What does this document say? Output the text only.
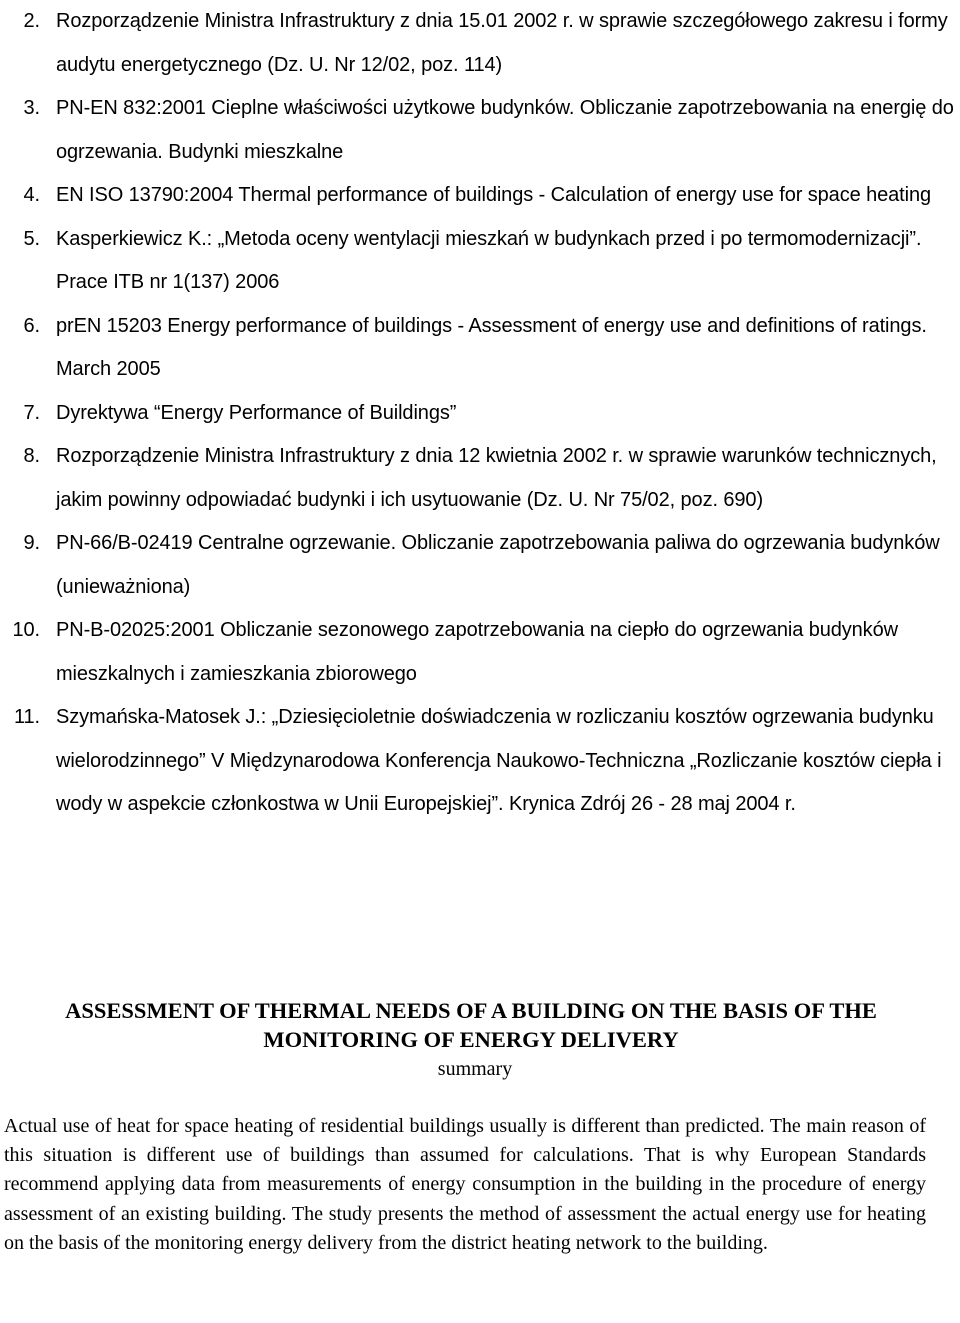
2. Rozporządzenie Ministra Infrastruktury z dnia 15.01 2002 r. w sprawie szczegółowego zakresu i formy audytu energetycznego (Dz. U. Nr 12/02, poz. 114)
3. PN-EN 832:2001 Cieplne właściwości użytkowe budynków. Obliczanie zapotrzebowania na energię do ogrzewania. Budynki mieszkalne
4. EN ISO 13790:2004 Thermal performance of buildings - Calculation of energy use for space heating
5. Kasperkiewicz K.: „Metoda oceny wentylacji mieszkań w budynkach przed i po termomodernizacji”. Prace ITB nr 1(137) 2006
6. prEN 15203 Energy performance of buildings - Assessment of energy use and definitions of ratings. March 2005
7. Dyrektywa “Energy Performance of Buildings”
8. Rozporządzenie Ministra Infrastruktury z dnia 12 kwietnia 2002 r. w sprawie warunków technicznych, jakim powinny odpowiadać budynki i ich usytuowanie (Dz. U. Nr 75/02, poz. 690)
9. PN-66/B-02419 Centralne ogrzewanie. Obliczanie zapotrzebowania paliwa do ogrzewania budynków (unieważniona)
10. PN-B-02025:2001 Obliczanie sezonowego zapotrzebowania na ciepło do ogrzewania budynków mieszkalnych i zamieszkania zbiorowego
11. Szymańska-Matosek J.: „Dziesięcioletnie doświadczenia w rozliczaniu kosztów ogrzewania budynku wielorodzinnego” V Międzynarodowa Konferencja Naukowo-Techniczna „Rozliczanie kosztów ciepła i wody w aspekcie członkostwa w Unii Europejskiej”. Krynica Zdrój 26 - 28 maj 2004 r.
ASSESSMENT OF THERMAL NEEDS OF A BUILDING ON THE BASIS OF THE
MONITORING OF ENERGY DELIVERY

summary

Actual use of heat for space heating of residential buildings usually is different than predicted. The main reason of this situation is different use of buildings than assumed for calculations. That is why European Standards recommend applying data from measurements of energy consumption in the building in the procedure of energy assessment of an existing building. The study presents the method of assessment the actual energy use for heating on the basis of the monitoring energy delivery from the district heating network to the building.
